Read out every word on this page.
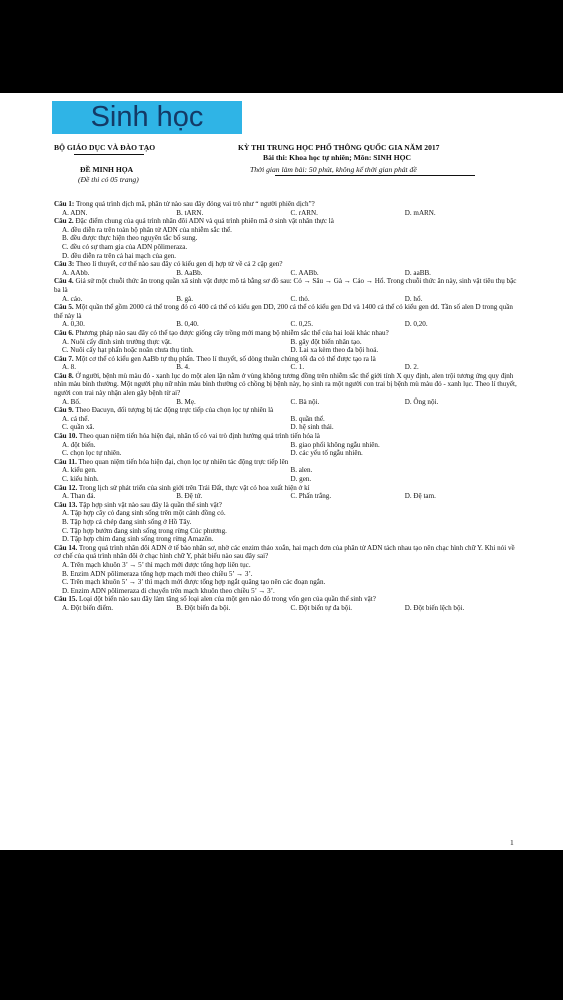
Sinh học
BỘ GIÁO DỤC VÀ ĐÀO TẠO
ĐỀ MINH HỌA
(Đề thi có 05 trang)
KỲ THI TRUNG HỌC PHỔ THÔNG QUỐC GIA NĂM 2017
Bài thi: Khoa học tự nhiên; Môn: SINH HỌC
Thời gian làm bài: 50 phút, không kể thời gian phát đề

Câu 1: Trong quá trình dịch mã, phân tử nào sau đây đóng vai trò như “ người phiên dịch”?

A. ADN.	B. tARN.	C. rARN.	D. mARN.

Câu 2. Đặc điểm chung của quá trình nhân đôi ADN và quá trình phiên mã ở sinh vật nhân thực là

A. đều diễn ra trên toàn bộ phân tử ADN của nhiễm sắc thể.
B. đều được thực hiện theo nguyên tắc bổ sung.
C. đều có sự tham gia của ADN pôlimeraza.
D. đều diễn ra trên cả hai mạch của gen.

Câu 3: Theo lí thuyết, cơ thể nào sau đây có kiểu gen dị hợp tử về cả 2 cặp gen?

A. AAbb.	B. AaBb.	C. AABb.	D. aaBB.

Câu 4. Giả sử một chuỗi thức ăn trong quần xã sinh vật được mô tả bằng sơ đồ sau: Cỏ → Sâu → Gà → Cáo → Hổ. Trong chuỗi thức ăn này, sinh vật tiêu thụ bậc ba là

A. cáo.	B. gà.	C. thỏ.	D. hổ.

Câu 5. Một quần thể gồm 2000 cá thể trong đó có 400 cá thể có kiểu gen DD, 200 cá thể có kiểu gen Dd và 1400 cá thể có kiểu gen dd. Tần số alen D trong quần thể này là

A. 0,30.	B. 0,40.	C. 0,25.	D. 0,20.

Câu 6. Phương pháp nào sau đây có thể tạo được giống cây trồng mới mang bộ nhiễm sắc thể của hai loài khác nhau?

A. Nuôi cấy đỉnh sinh trưởng thực vật.	B. gây đột biến nhân tạo.
C. Nuôi cấy hạt phấn hoặc noãn chưa thụ tinh.	D. Lai xa kèm theo đa bội hoá.

Câu 7. Một cơ thể có kiểu gen AaBb tự thụ phấn. Theo lí thuyết, số dòng thuần chủng tối đa có thể được tạo ra là

A. 8.	B. 4.	C. 1.	D. 2.

Câu 8. Ở người, bệnh mù màu đỏ - xanh lục do một alen lặn nằm ở vùng không tương đồng trên nhiễm sắc thể giới tính X quy định, alen trội tương ứng quy định nhìn màu bình thường. Một người phụ nữ nhìn màu bình thường có chồng bị bệnh này, họ sinh ra một người con trai bị bệnh mù màu đỏ - xanh lục. Theo lí thuyết, người con trai này nhận alen gây bệnh từ ai?

A. Bố.	B. Mẹ.	C. Bà nội.	D. Ông nội.

Câu 9. Theo Đacuyn, đối tượng bị tác động trực tiếp của chọn lọc tự nhiên là

A. cá thể.	B. quần thể.
C. quần xã.	D. hệ sinh thái.

Câu 10. Theo quan niệm tiến hóa hiện đại, nhân tố có vai trò định hướng quá trình tiến hóa là

A. đột biến.	B. giao phối không ngẫu nhiên.
C. chọn lọc tự nhiên.	D. các yếu tố ngẫu nhiên.

Câu 11. Theo quan niệm tiến hóa hiện đại, chọn lọc tự nhiên tác động trực tiếp lên

A. kiểu gen.	B. alen.
C. kiểu hình.	D. gen.

Câu 12. Trong lịch sử phát triển của sinh giới trên Trái Đất, thực vật có hoa xuất hiện ở kỉ

A. Than đá.	B. Đệ tứ.	C. Phấn trắng.	D. Đệ tam.

Câu 13. Tập hợp sinh vật nào sau đây là quần thể sinh vật?

A. Tập hợp cây cỏ đang sinh sống trên một cánh đồng cỏ.
B. Tập hợp cá chép đang sinh sống ở Hồ Tây.
C. Tập hợp bướm đang sinh sống trong rừng Cúc phương.
D. Tập hợp chim đang sinh sống trong rừng Amazôn.

Câu 14. Trong quá trình nhân đôi ADN ở tế bào nhân sơ, nhờ các enzim tháo xoắn, hai mạch đơn của phân tử ADN tách nhau tạo nên chạc hình chữ Y. Khi nói về cơ chế của quá trình nhân đôi ở chạc hình chữ Y, phát biểu nào sau đây sai?

A. Trên mạch khuôn 3’ → 5’ thì mạch mới được tổng hợp liên tục.
B. Enzim ADN pôlimeraza tổng hợp mạch mới theo chiều 5’ → 3’.
C. Trên mạch khuôn 5’ → 3’ thì mạch mới được tổng hợp ngắt quãng tạo nên các đoạn ngắn.
D. Enzim ADN pôlimeraza di chuyển trên mạch khuôn theo chiều 5’ → 3’.

Câu 15. Loại đột biến nào sau đây làm tăng số loại alen của một gen nào đó trong vốn gen của quần thể sinh vật?

A. Đột biến điểm.	B. Đột biến đa bội.	C. Đột biến tự đa bội.	D. Đột biến lệch bội.
1
